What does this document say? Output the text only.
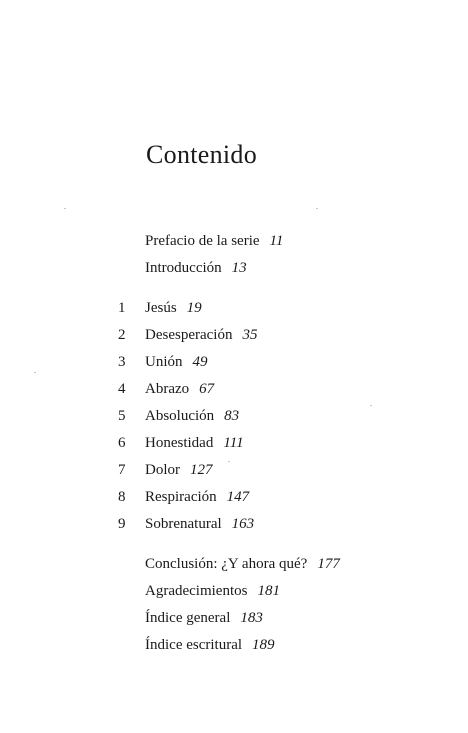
Contenido
Prefacio de la serie 11
Introducción 13
1	Jesús 19
2	Desesperación 35
3	Unión 49
4	Abrazo 67
5	Absolución 83
6	Honestidad 111
7	Dolor 127
8	Respiración 147
9	Sobrenatural 163
Conclusión: ¿Y ahora qué? 177
Agradecimientos 181
Índice general 183
Índice escritural 189
